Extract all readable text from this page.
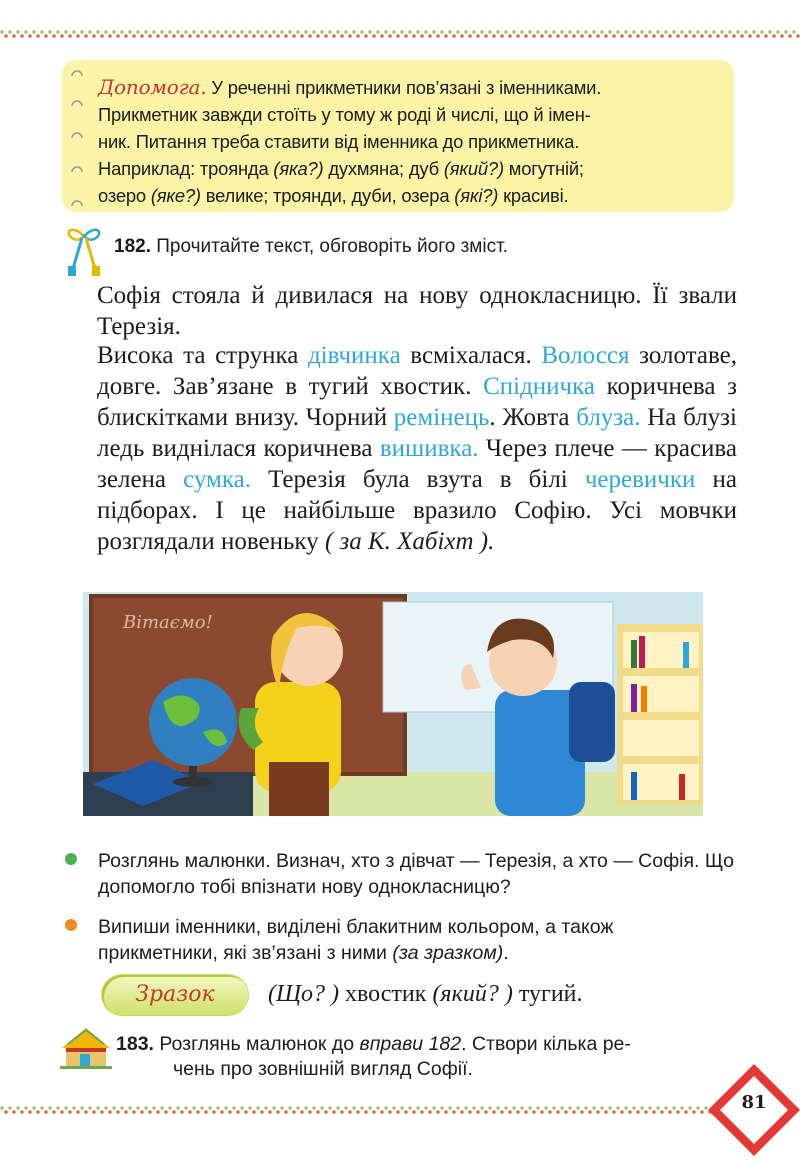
Допомога. У реченні прикметники пов’язані з іменниками.
Прикметник завжди стоїть у тому ж роді й числі, що й імен-
ник. Питання треба ставити від іменника до прикметника.
Наприклад: троянда (яка?) духмяна; дуб (який?) могутній;
озеро (яке?) велике; троянди, дуби, озера (які?) красиві.
182. Прочитайте текст, обговоріть його зміст.

Софія стояла й дивилася на нову однокласницю. Її звали Терезія.

Висока та струнка дівчинка всміхалася. Волосся золотаве, довге. Зав’язане в тугий хвостик. Спідничка коричнева з блискітками внизу. Чорний ремінець. Жовта блуза. На блузі ледь виднілася коричнева вишивка. Через плече — красива зелена сумка. Терезія була взута в білі черевички на підборах. І це найбільше вразило Софію. Усі мовчки розглядали новеньку ( за К. Хабіхт ).

Вітаємо!
Розглянь малюнки. Визнач, хто з дівчат — Терезія, а хто — Софія. Що допомогло тобі впізнати нову однокласницю?
Випиши іменники, виділені блакитним кольором, а також прикметники, які зв’язані з ними (за зразком).
Зразок	(Що? ) хвостик (який? ) тугий.
183. Розглянь малюнок до вправи 182. Створи кілька ре-
чень про зовнішній вигляд Софії.
81
